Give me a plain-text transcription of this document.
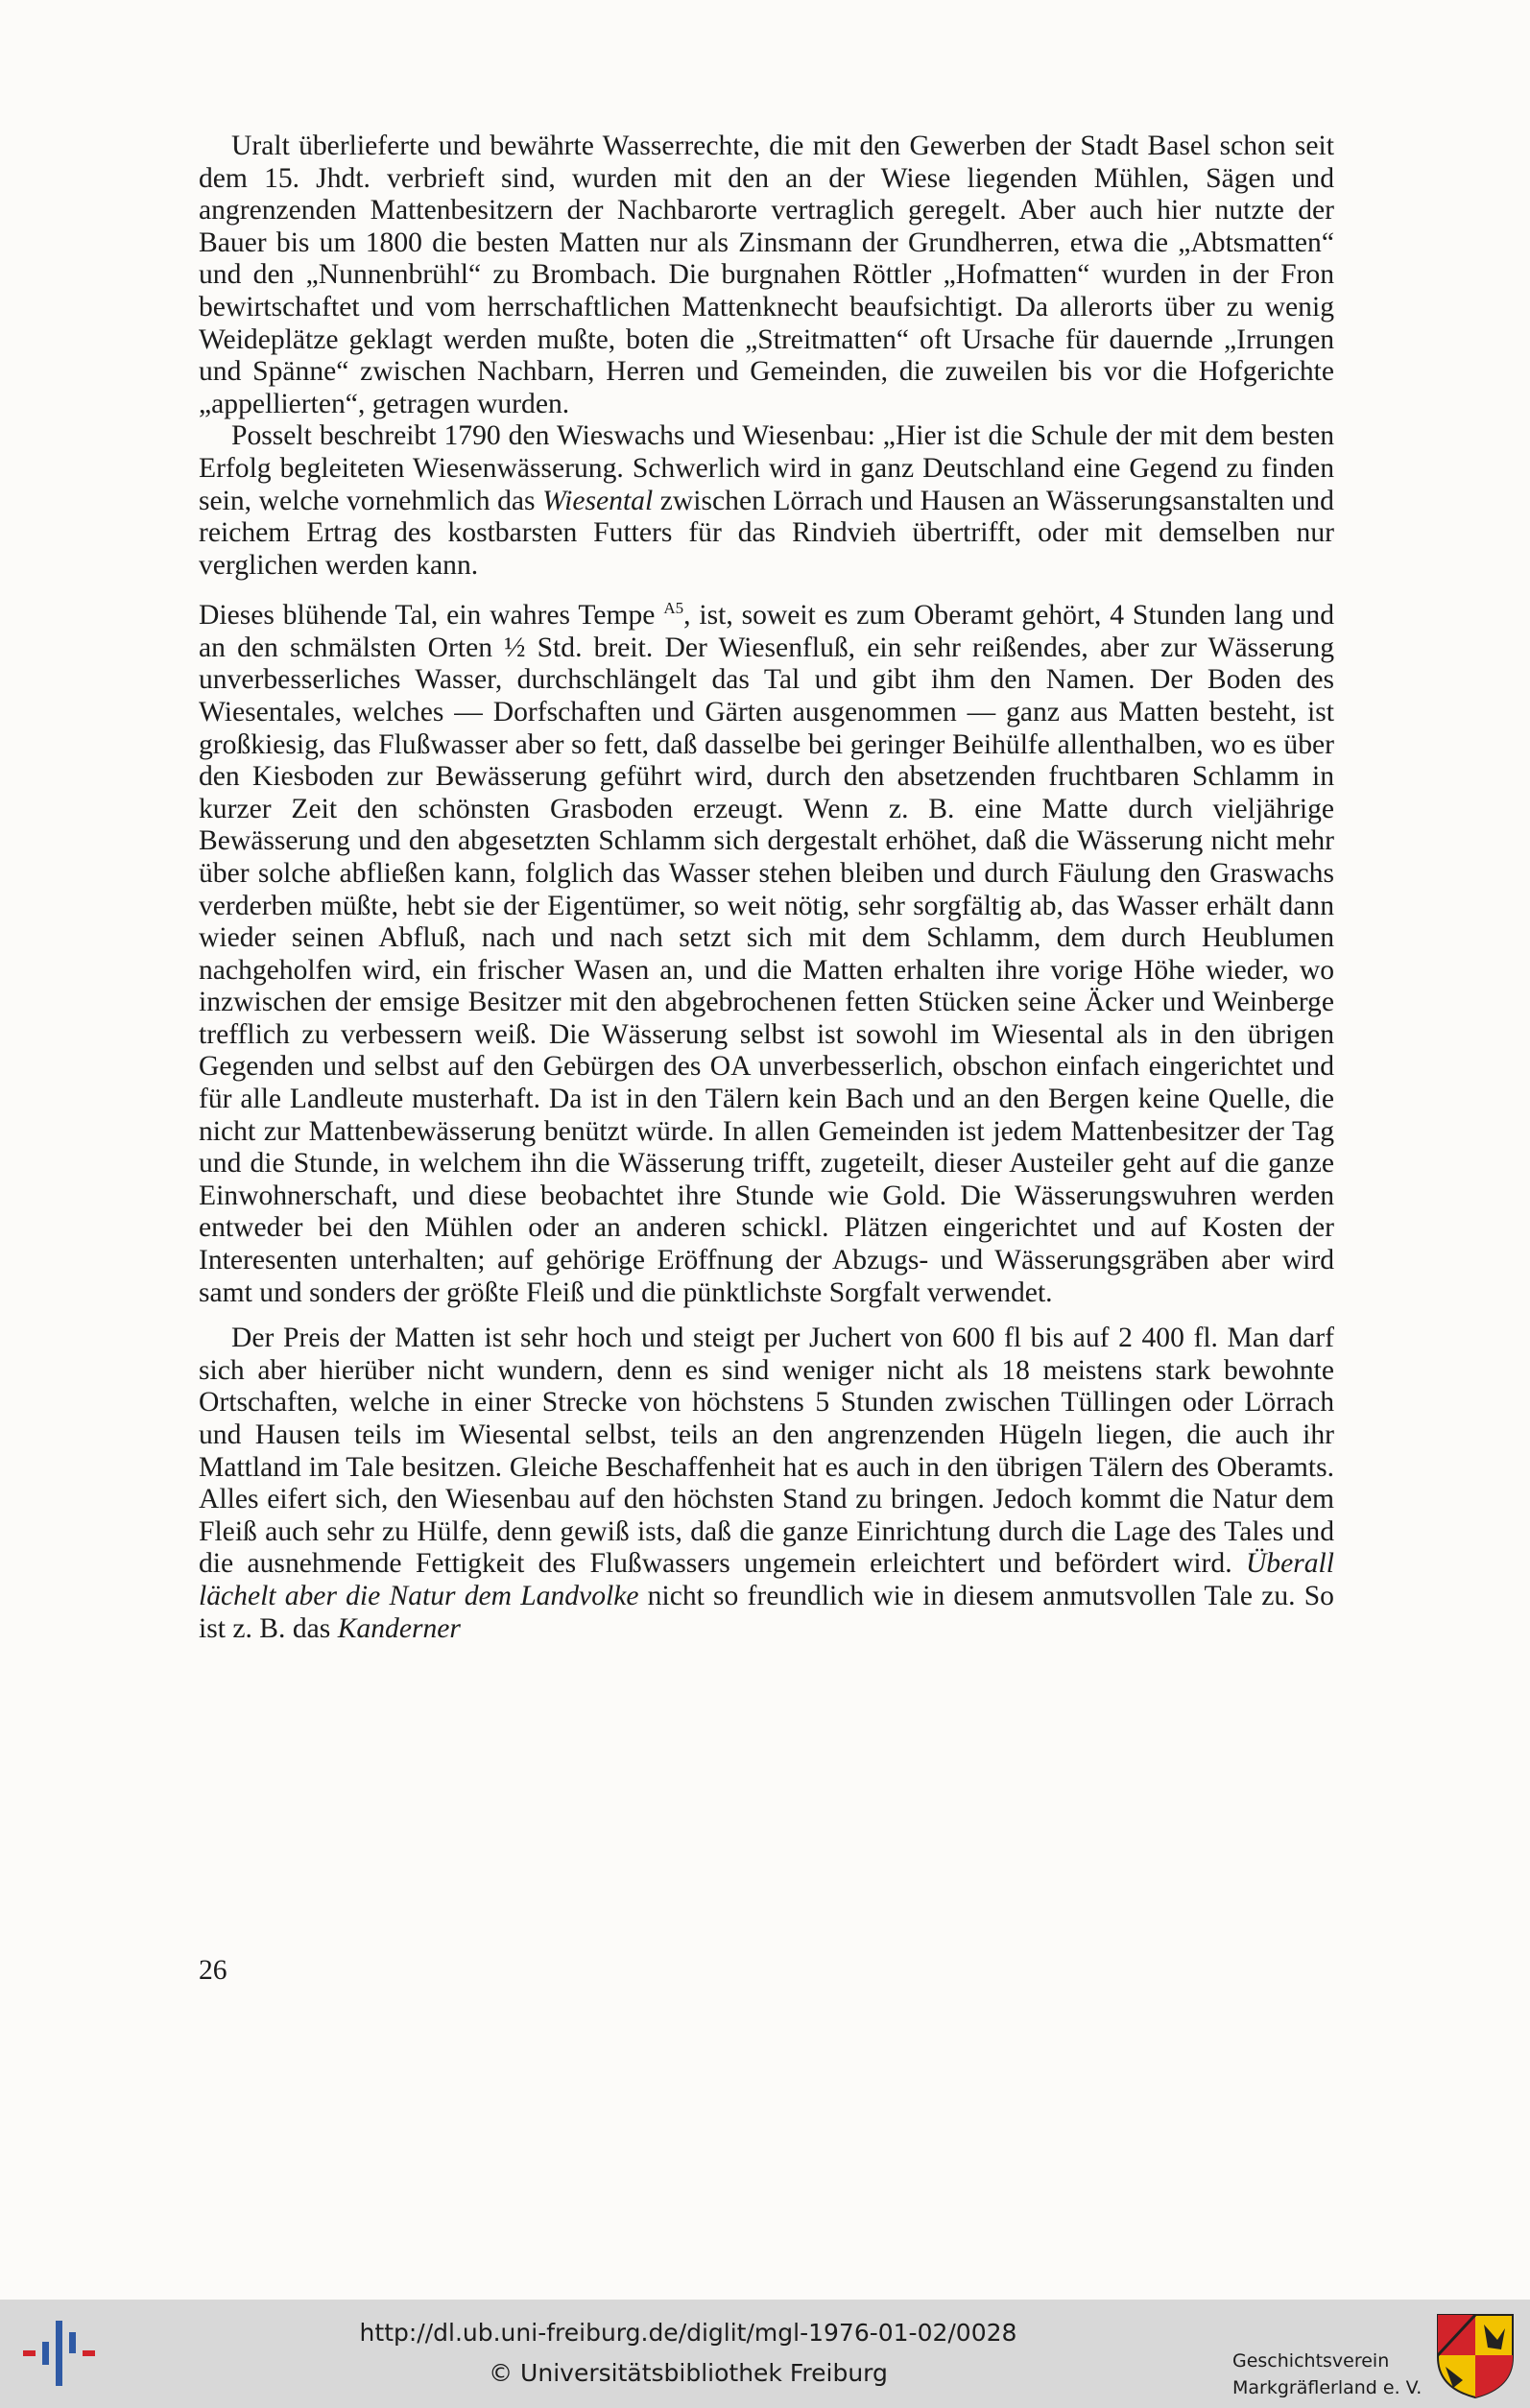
Uralt überlieferte und bewährte Wasserrechte, die mit den Gewerben der Stadt Basel schon seit dem 15. Jhdt. verbrieft sind, wurden mit den an der Wiese liegenden Mühlen, Sägen und angrenzenden Mattenbesitzern der Nachbarorte vertraglich geregelt. Aber auch hier nutzte der Bauer bis um 1800 die besten Matten nur als Zinsmann der Grundherren, etwa die „Abtsmatten“ und den „Nunnenbrühl“ zu Brombach. Die burgnahen Röttler „Hofmatten“ wurden in der Fron bewirtschaftet und vom herrschaftlichen Mattenknecht beaufsichtigt. Da allerorts über zu wenig Weideplätze geklagt werden mußte, boten die „Streitmatten“ oft Ursache für dauernde „Irrungen und Spänne“ zwischen Nachbarn, Herren und Gemeinden, die zuweilen bis vor die Hofgerichte „appellierten“, getragen wurden.

Posselt beschreibt 1790 den Wieswachs und Wiesenbau: „Hier ist die Schule der mit dem besten Erfolg begleiteten Wiesenwässerung. Schwerlich wird in ganz Deutschland eine Gegend zu finden sein, welche vornehmlich das Wiesental zwischen Lörrach und Hausen an Wässerungsanstalten und reichem Ertrag des kostbarsten Futters für das Rindvieh übertrifft, oder mit demselben nur verglichen werden kann.

Dieses blühende Tal, ein wahres Tempe $^{A5}$, ist, soweit es zum Oberamt gehört, 4 Stunden lang und an den schmälsten Orten ½ Std. breit. Der Wiesenfluß, ein sehr reißendes, aber zur Wässerung unverbesserliches Wasser, durchschlängelt das Tal und gibt ihm den Namen. Der Boden des Wiesentales, welches — Dorfschaften und Gärten ausgenommen — ganz aus Matten besteht, ist großkiesig, das Flußwasser aber so fett, daß dasselbe bei geringer Beihülfe allenthalben, wo es über den Kiesboden zur Bewässerung geführt wird, durch den absetzenden fruchtbaren Schlamm in kurzer Zeit den schönsten Grasboden erzeugt. Wenn z. B. eine Matte durch vieljährige Bewässerung und den abgesetzten Schlamm sich dergestalt erhöhet, daß die Wässerung nicht mehr über solche abfließen kann, folglich das Wasser stehen bleiben und durch Fäulung den Graswachs verderben müßte, hebt sie der Eigentümer, so weit nötig, sehr sorgfältig ab, das Wasser erhält dann wieder seinen Abfluß, nach und nach setzt sich mit dem Schlamm, dem durch Heublumen nachgeholfen wird, ein frischer Wasen an, und die Matten erhalten ihre vorige Höhe wieder, wo inzwischen der emsige Besitzer mit den abgebrochenen fetten Stücken seine Äcker und Weinberge trefflich zu verbessern weiß. Die Wässerung selbst ist sowohl im Wiesental als in den übrigen Gegenden und selbst auf den Gebürgen des OA unverbesserlich, obschon einfach eingerichtet und für alle Landleute musterhaft. Da ist in den Tälern kein Bach und an den Bergen keine Quelle, die nicht zur Mattenbewässerung benützt würde. In allen Gemeinden ist jedem Mattenbesitzer der Tag und die Stunde, in welchem ihn die Wässerung trifft, zugeteilt, dieser Austeiler geht auf die ganze Einwohnerschaft, und diese beobachtet ihre Stunde wie Gold. Die Wässerungswuhren werden entweder bei den Mühlen oder an anderen schickl. Plätzen eingerichtet und auf Kosten der Interesenten unterhalten; auf gehörige Eröffnung der Abzugs- und Wässerungsgräben aber wird samt und sonders der größte Fleiß und die pünktlichste Sorgfalt verwendet.

Der Preis der Matten ist sehr hoch und steigt per Juchert von 600 fl bis auf 2 400 fl. Man darf sich aber hierüber nicht wundern, denn es sind weniger nicht als 18 meistens stark bewohnte Ortschaften, welche in einer Strecke von höchstens 5 Stunden zwischen Tüllingen oder Lörrach und Hausen teils im Wiesental selbst, teils an den angrenzenden Hügeln liegen, die auch ihr Mattland im Tale besitzen. Gleiche Beschaffenheit hat es auch in den übrigen Tälern des Oberamts. Alles eifert sich, den Wiesenbau auf den höchsten Stand zu bringen. Jedoch kommt die Natur dem Fleiß auch sehr zu Hülfe, denn gewiß ists, daß die ganze Einrichtung durch die Lage des Tales und die ausnehmende Fettigkeit des Flußwassers ungemein erleichtert und befördert wird. Überall lächelt aber die Natur dem Landvolke nicht so freundlich wie in diesem anmutsvollen Tale zu. So ist z. B. das Kanderner

26
http://dl.ub.uni-freiburg.de/diglit/mgl-1976-01-02/0028
© Universitätsbibliothek Freiburg	Geschichtsverein
Markgräflerland e. V.
